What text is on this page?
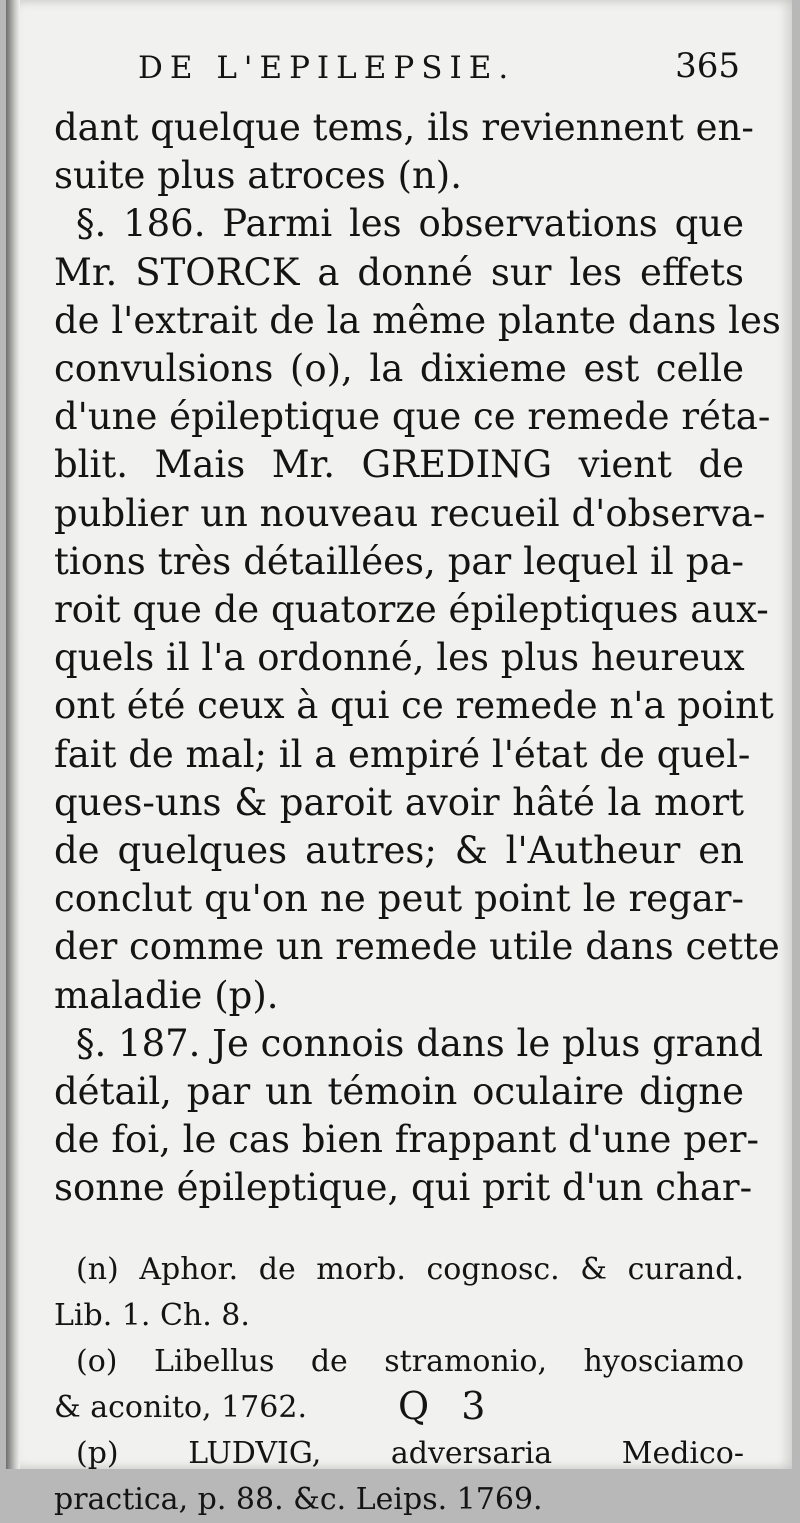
DE L'EPILEPSIE.	365
dant quelque tems, ils reviennent en-
suite plus atroces (n).
§. 186. Parmi les observations que
Mr. STORCK a donné sur les effets
de l'extrait de la même plante dans les
convulsions (o), la dixieme est celle
d'une épileptique que ce remede réta-
blit. Mais Mr. GREDING vient de
publier un nouveau recueil d'observa-
tions très détaillées, par lequel il pa-
roit que de quatorze épileptiques aux-
quels il l'a ordonné, les plus heureux
ont été ceux à qui ce remede n'a point
fait de mal; il a empiré l'état de quel-
ques-uns & paroit avoir hâté la mort
de quelques autres; & l'Autheur en
conclut qu'on ne peut point le regar-
der comme un remede utile dans cette
maladie (p).
§. 187. Je connois dans le plus grand
détail, par un témoin oculaire digne
de foi, le cas bien frappant d'une per-
sonne épileptique, qui prit d'un char-
(n) Aphor. de morb. cognosc. & curand.
Lib. 1. Ch. 8.
(o) Libellus de stramonio, hyosciamo
& aconito, 1762.
(p) LUDVIG, adversaria Medico-
practica, p. 88. &c. Leips. 1769.
Q 3
